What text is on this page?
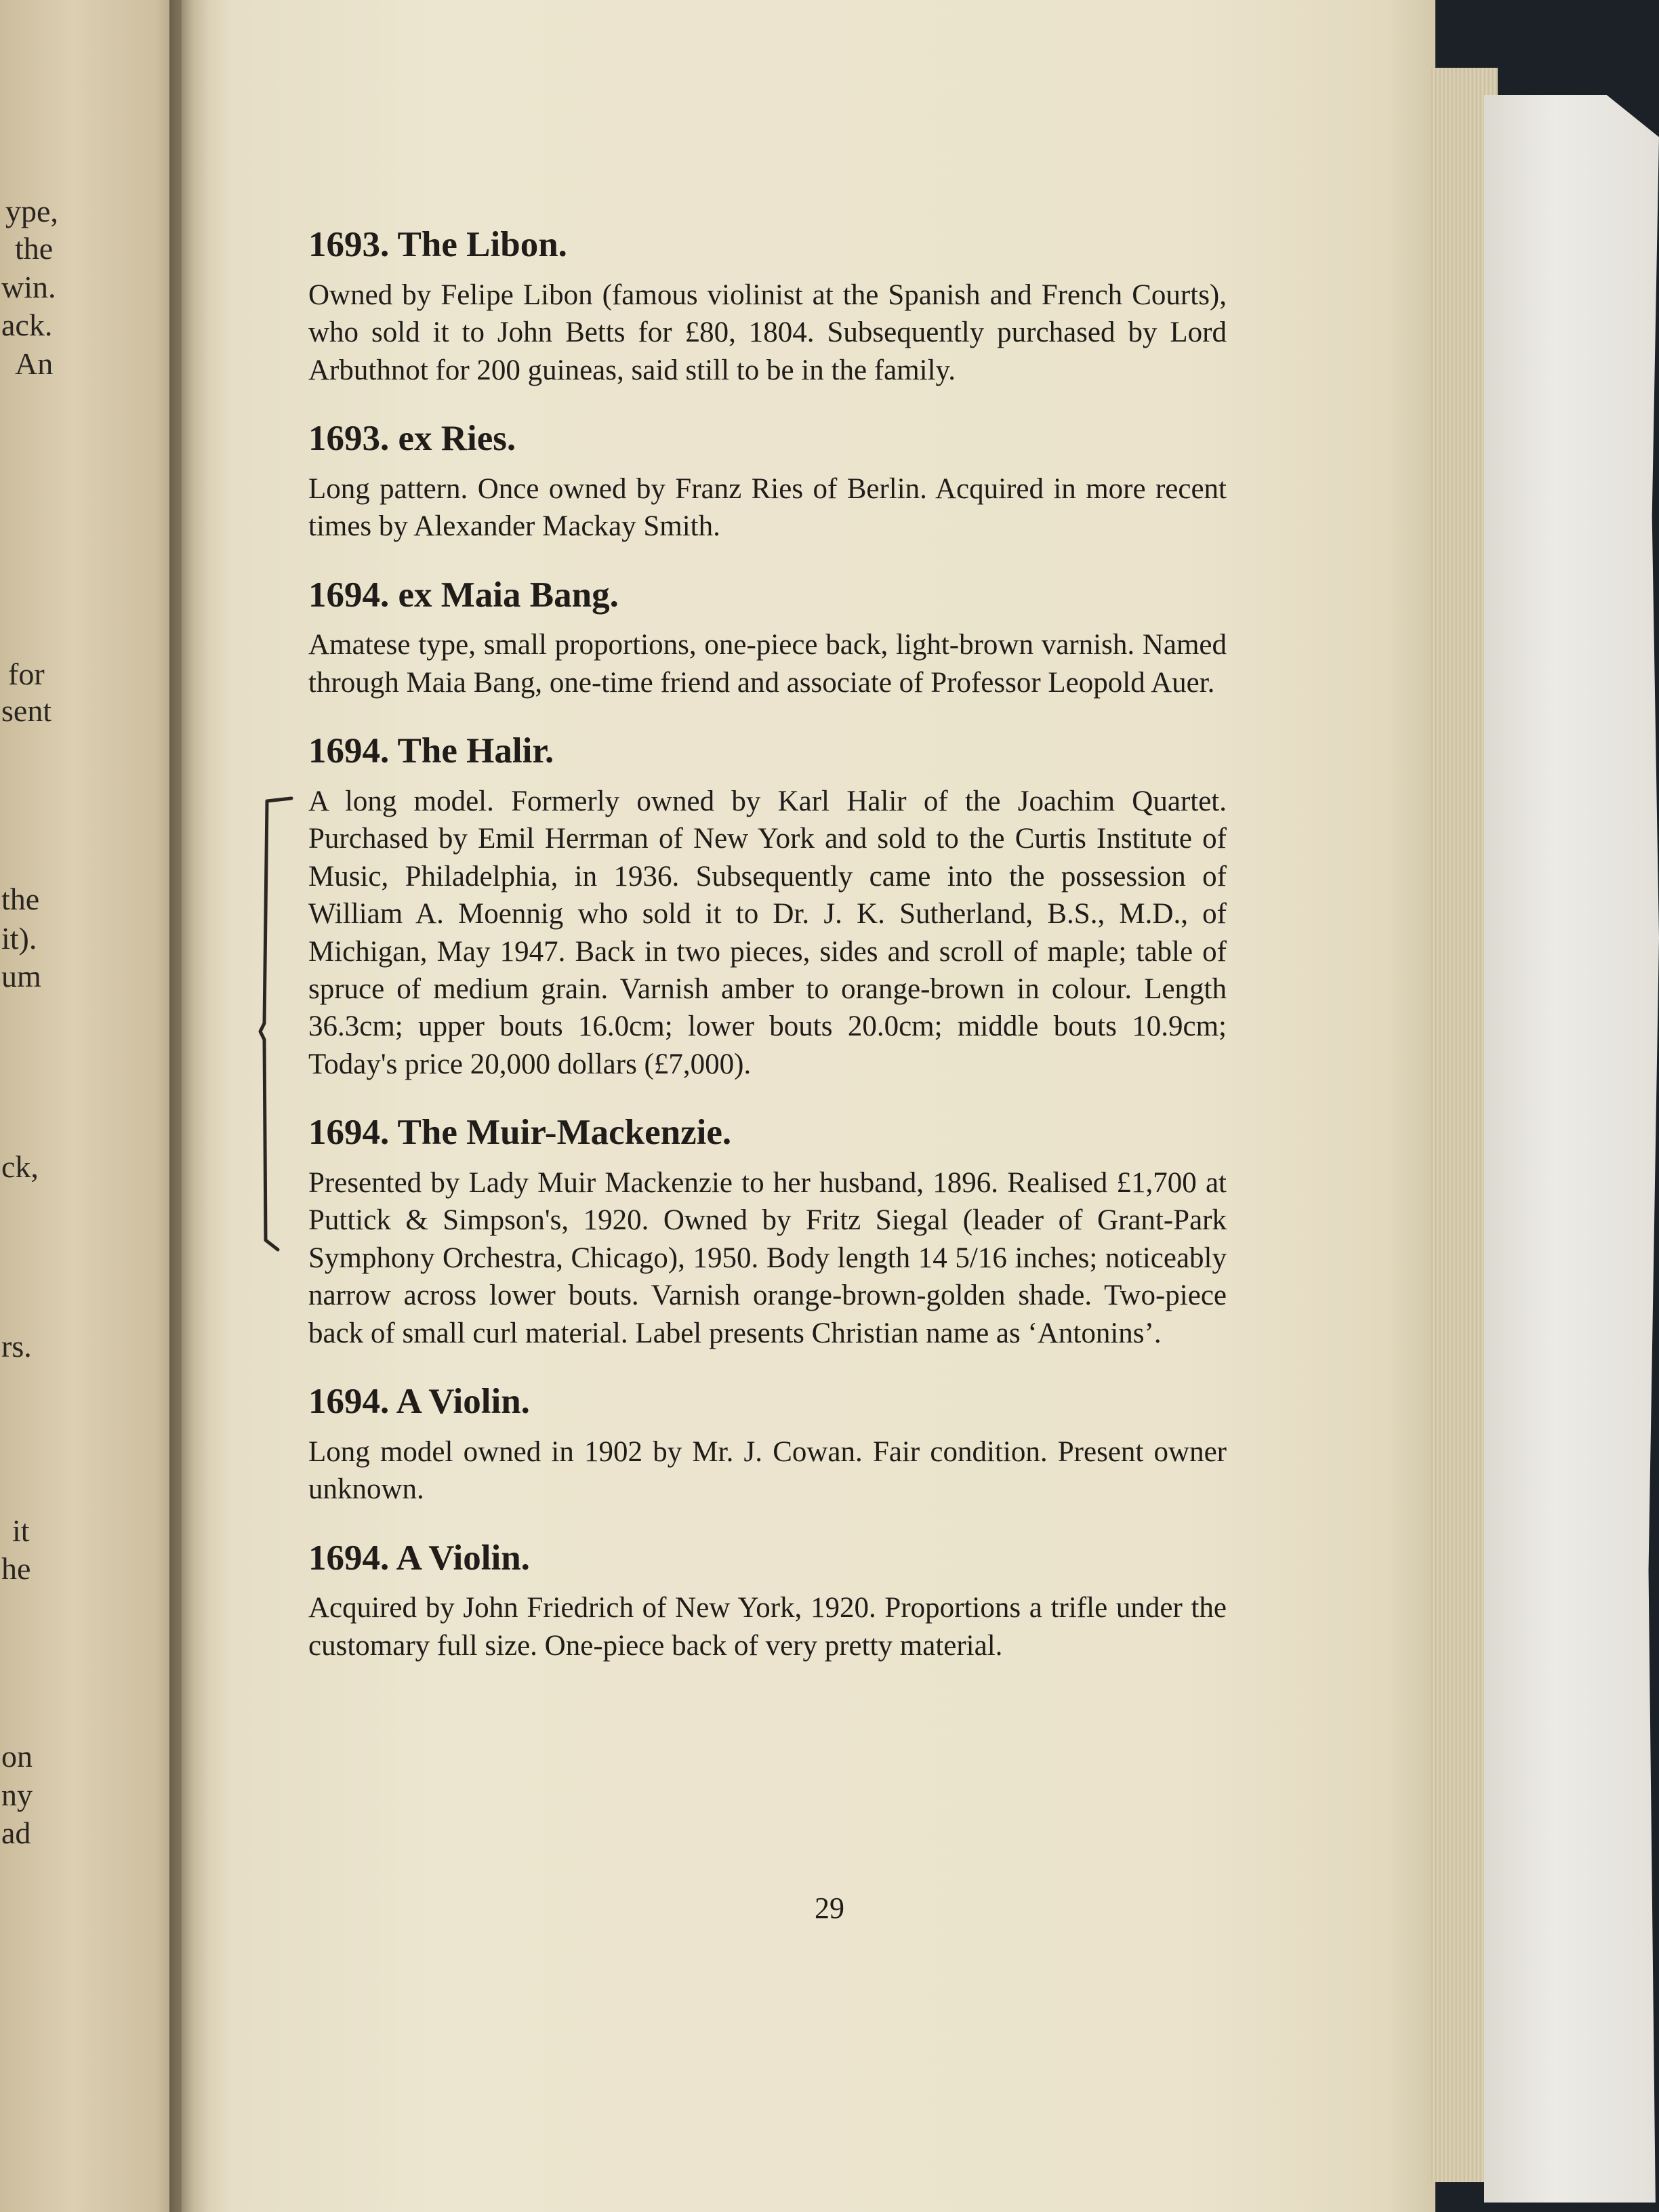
ype,
the
win.
ack.
An
for
sent
the
it).
um
ck,
rs.
it
he
on
ny
ad
1693. The Libon.

Owned by Felipe Libon (famous violinist at the Spanish and French Courts), who sold it to John Betts for £80, 1804. Subsequently purchased by Lord Arbuthnot for 200 guineas, said still to be in the family.

1693. ex Ries.

Long pattern. Once owned by Franz Ries of Berlin. Acquired in more recent times by Alexander Mackay Smith.

1694. ex Maia Bang.

Amatese type, small proportions, one-piece back, light-brown varnish. Named through Maia Bang, one-time friend and associate of Professor Leopold Auer.

1694. The Halir.

A long model. Formerly owned by Karl Halir of the Joachim Quartet. Purchased by Emil Herrman of New York and sold to the Curtis Institute of Music, Philadelphia, in 1936. Subsequently came into the possession of William A. Moennig who sold it to Dr. J. K. Sutherland, B.S., M.D., of Michigan, May 1947. Back in two pieces, sides and scroll of maple; table of spruce of medium grain. Varnish amber to orange-brown in colour. Length 36.3cm; upper bouts 16.0cm; lower bouts 20.0cm; middle bouts 10.9cm; Today's price 20,000 dollars (£7,000).

1694. The Muir-Mackenzie.

Presented by Lady Muir Mackenzie to her husband, 1896. Realised £1,700 at Puttick & Simpson's, 1920. Owned by Fritz Siegal (leader of Grant-Park Symphony Orchestra, Chicago), 1950. Body length 14 5/16 inches; noticeably narrow across lower bouts. Varnish orange-brown-golden shade. Two-piece back of small curl material. Label presents Christian name as ‘Antonins’.

1694. A Violin.

Long model owned in 1902 by Mr. J. Cowan. Fair condition. Present owner unknown.

1694. A Violin.

Acquired by John Friedrich of New York, 1920. Proportions a trifle under the customary full size. One-piece back of very pretty material.

29
